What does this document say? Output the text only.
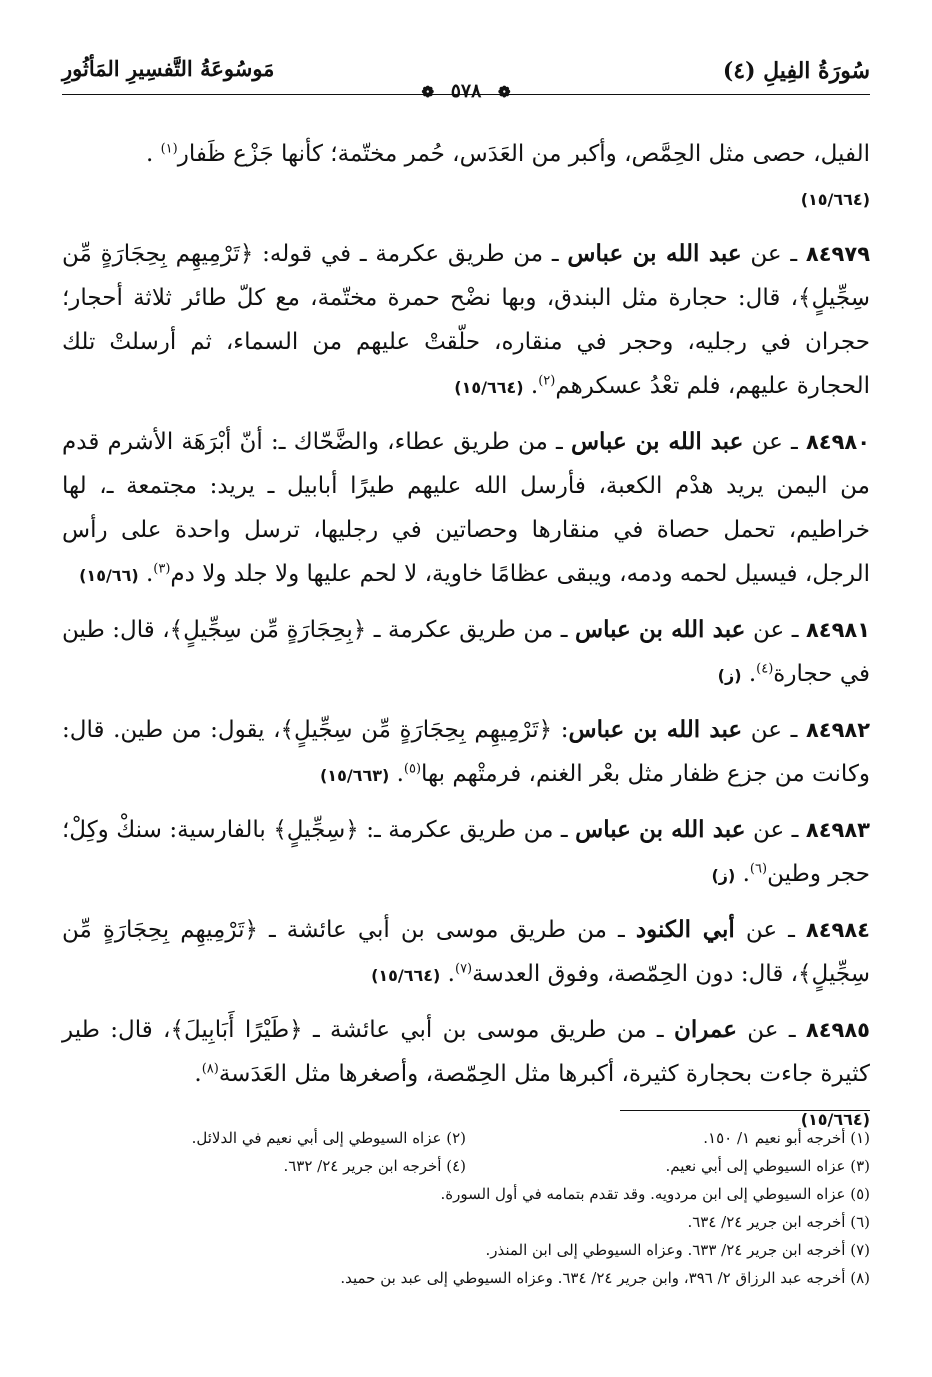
سُورَةُ الفِيلِ (٤)
مَوسُوعَةُ التَّفسِيرِ المَأثُورِ
❁ ٥٧٨ ❁

الفيل، حصى مثل الحِمَّص، وأكبر من العَدَس، حُمر مختّمة؛ كأنها جَزْع ظَفار$^{(١)}$ .
(١٥/٦٦٤)

٨٤٩٧٩ ـ عن عبد الله بن عباس ـ من طريق عكرمة ـ في قوله: ﴿تَرْمِيهِم بِحِجَارَةٍ مِّن سِجِّيلٍ﴾، قال: حجارة مثل البندق، وبها نضْح حمرة مختّمة، مع كلّ طائر ثلاثة أحجار؛ حجران في رجليه، وحجر في منقاره، حلّقتْ عليهم من السماء، ثم أرسلتْ تلك الحجارة عليهم، فلم تعْدُ عسكرهم$^{(٢)}$. (١٥/٦٦٤)

٨٤٩٨٠ ـ عن عبد الله بن عباس ـ من طريق عطاء، والضَّحّاك ـ: أنّ أبْرَهَة الأشرم قدم من اليمن يريد هدْم الكعبة، فأرسل الله عليهم طيرًا أبابيل ـ يريد: مجتمعة ـ، لها خراطيم، تحمل حصاة في منقارها وحصاتين في رجليها، ترسل واحدة على رأس الرجل، فيسيل لحمه ودمه، ويبقى عظامًا خاوية، لا لحم عليها ولا جلد ولا دم$^{(٣)}$. (١٥/٦٦)

٨٤٩٨١ ـ عن عبد الله بن عباس ـ من طريق عكرمة ـ ﴿بِحِجَارَةٍ مِّن سِجِّيلٍ﴾، قال: طين في حجارة$^{(٤)}$. (ز)

٨٤٩٨٢ ـ عن عبد الله بن عباس: ﴿تَرْمِيهِم بِحِجَارَةٍ مِّن سِجِّيلٍ﴾، يقول: من طين. قال: وكانت من جزع ظفار مثل بعْر الغنم، فرمتْهم بها$^{(٥)}$. (١٥/٦٦٣)

٨٤٩٨٣ ـ عن عبد الله بن عباس ـ من طريق عكرمة ـ: ﴿سِجِّيلٍ﴾ بالفارسية: سنكْ وكِلْ؛ حجر وطين$^{(٦)}$. (ز)

٨٤٩٨٤ ـ عن أبي الكنود ـ من طريق موسى بن أبي عائشة ـ ﴿تَرْمِيهِم بِحِجَارَةٍ مِّن سِجِّيلٍ﴾، قال: دون الحِمّصة، وفوق العدسة$^{(٧)}$. (١٥/٦٦٤)

٨٤٩٨٥ ـ عن عمران ـ من طريق موسى بن أبي عائشة ـ ﴿طَيْرًا أَبَابِيلَ﴾، قال: طير كثيرة جاءت بحجارة كثيرة، أكبرها مثل الحِمّصة، وأصغرها مثل العَدَسة$^{(٨)}$.
(١٥/٦٦٤)

(١) أخرجه أبو نعيم ١/ ١٥٠.
(٢) عزاه السيوطي إلى أبي نعيم في الدلائل.
(٣) عزاه السيوطي إلى أبي نعيم.
(٤) أخرجه ابن جرير ٢٤/ ٦٣٢.
(٥) عزاه السيوطي إلى ابن مردويه. وقد تقدم بتمامه في أول السورة.
(٦) أخرجه ابن جرير ٢٤/ ٦٣٤.
(٧) أخرجه ابن جرير ٢٤/ ٦٣٣. وعزاه السيوطي إلى ابن المنذر.
(٨) أخرجه عبد الرزاق ٢/ ٣٩٦، وابن جرير ٢٤/ ٦٣٤. وعزاه السيوطي إلى عبد بن حميد.
